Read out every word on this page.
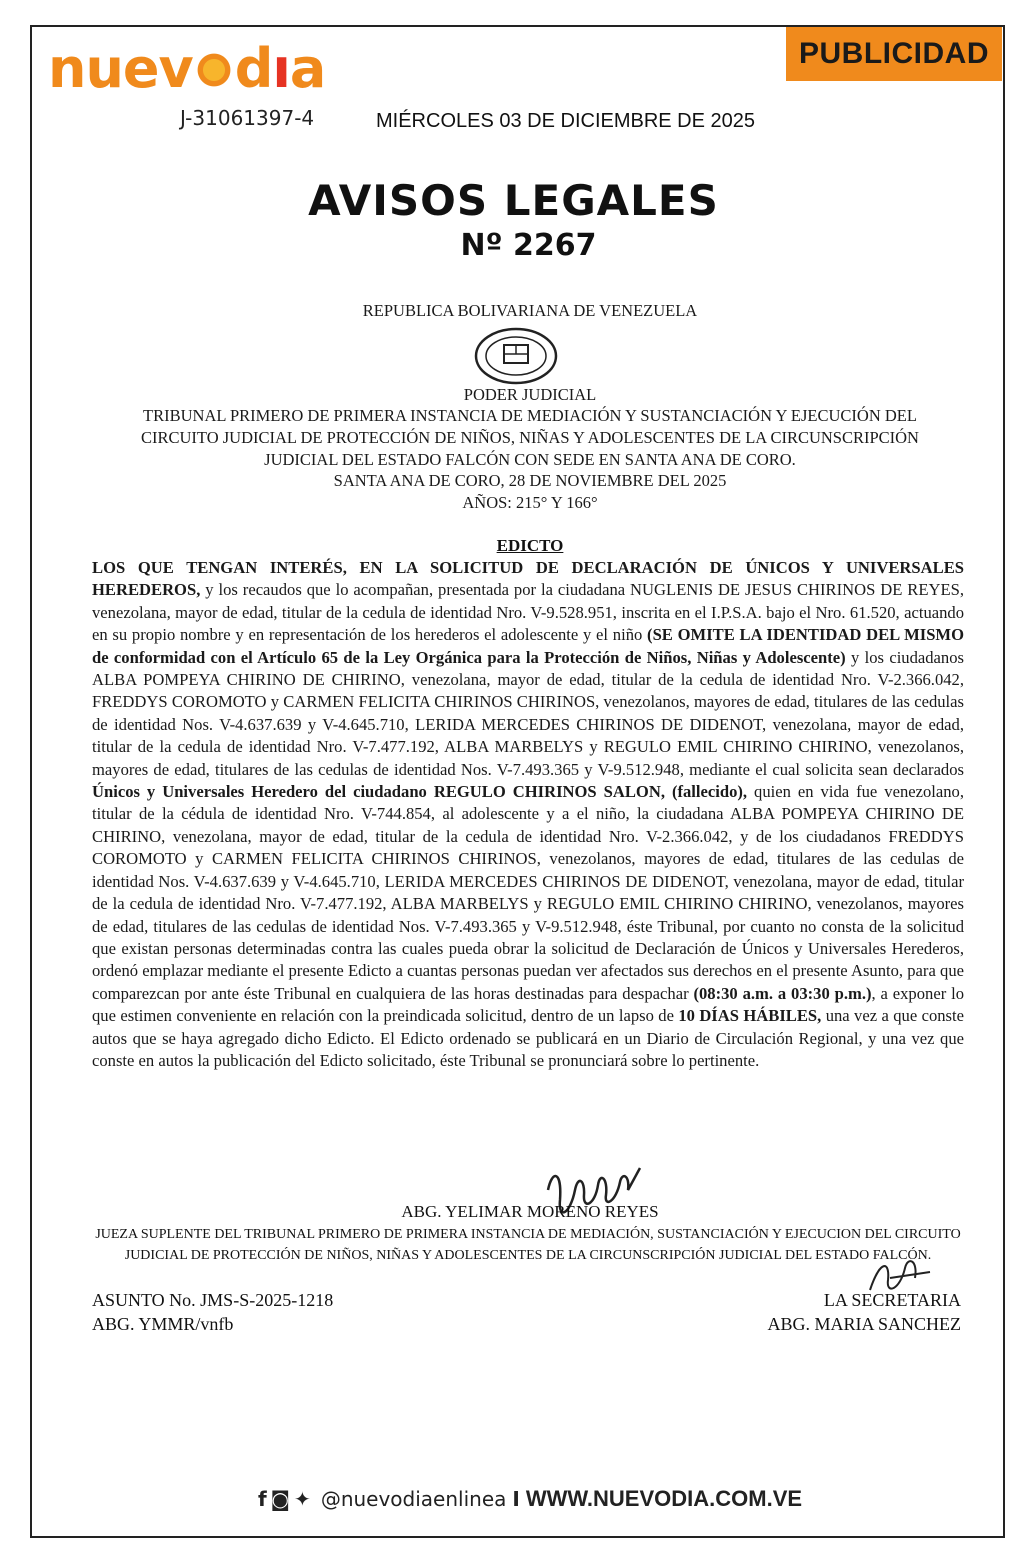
nuev dıa
J-31061397-4	MIÉRCOLES 03 DE DICIEMBRE DE 2025
PUBLICIDAD
AVISOS LEGALES
Nº 2267
REPUBLICA BOLIVARIANA DE VENEZUELA
PODER JUDICIAL
TRIBUNAL PRIMERO DE PRIMERA INSTANCIA DE MEDIACIÓN Y SUSTANCIACIÓN Y EJECUCIÓN DEL
CIRCUITO JUDICIAL DE PROTECCIÓN DE NIÑOS, NIÑAS Y ADOLESCENTES DE LA CIRCUNSCRIPCIÓN
JUDICIAL DEL ESTADO FALCÓN CON SEDE EN SANTA ANA DE CORO.
SANTA ANA DE CORO, 28 DE NOVIEMBRE DEL 2025
AÑOS: 215° Y 166°
EDICTO

LOS QUE TENGAN INTERÉS, EN LA SOLICITUD DE DECLARACIÓN DE ÚNICOS Y UNIVERSALES HEREDEROS, y los recaudos que lo acompañan, presentada por la ciudadana NUGLENIS DE JESUS CHIRINOS DE REYES, venezolana, mayor de edad, titular de la cedula de identidad Nro. V-9.528.951, inscrita en el I.P.S.A. bajo el Nro. 61.520, actuando en su propio nombre y en representación de los herederos el adolescente y el niño (SE OMITE LA IDENTIDAD DEL MISMO de conformidad con el Artículo 65 de la Ley Orgánica para la Protección de Niños, Niñas y Adolescente) y los ciudadanos ALBA POMPEYA CHIRINO DE CHIRINO, venezolana, mayor de edad, titular de la cedula de identidad Nro. V-2.366.042, FREDDYS COROMOTO y CARMEN FELICITA CHIRINOS CHIRINOS, venezolanos, mayores de edad, titulares de las cedulas de identidad Nos. V-4.637.639 y V-4.645.710, LERIDA MERCEDES CHIRINOS DE DIDENOT, venezolana, mayor de edad, titular de la cedula de identidad Nro. V-7.477.192, ALBA MARBELYS y REGULO EMIL CHIRINO CHIRINO, venezolanos, mayores de edad, titulares de las cedulas de identidad Nos. V-7.493.365 y V-9.512.948, mediante el cual solicita sean declarados Únicos y Universales Heredero del ciudadano REGULO CHIRINOS SALON, (fallecido), quien en vida fue venezolano, titular de la cédula de identidad Nro. V-744.854, al adolescente y a el niño, la ciudadana ALBA POMPEYA CHIRINO DE CHIRINO, venezolana, mayor de edad, titular de la cedula de identidad Nro. V-2.366.042, y de los ciudadanos FREDDYS COROMOTO y CARMEN FELICITA CHIRINOS CHIRINOS, venezolanos, mayores de edad, titulares de las cedulas de identidad Nos. V-4.637.639 y V-4.645.710, LERIDA MERCEDES CHIRINOS DE DIDENOT, venezolana, mayor de edad, titular de la cedula de identidad Nro. V-7.477.192, ALBA MARBELYS y REGULO EMIL CHIRINO CHIRINO, venezolanos, mayores de edad, titulares de las cedulas de identidad Nos. V-7.493.365 y V-9.512.948, éste Tribunal, por cuanto no consta de la solicitud que existan personas determinadas contra las cuales pueda obrar la solicitud de Declaración de Únicos y Universales Herederos, ordenó emplazar mediante el presente Edicto a cuantas personas puedan ver afectados sus derechos en el presente Asunto, para que comparezcan por ante éste Tribunal en cualquiera de las horas destinadas para despachar (08:30 a.m. a 03:30 p.m.), a exponer lo que estimen conveniente en relación con la preindicada solicitud, dentro de un lapso de 10 DÍAS HÁBILES, una vez a que conste autos que se haya agregado dicho Edicto. El Edicto ordenado se publicará en un Diario de Circulación Regional, y una vez que conste en autos la publicación del Edicto solicitado, éste Tribunal se pronunciará sobre lo pertinente.

ABG. YELIMAR MORENO REYES
JUEZA SUPLENTE DEL TRIBUNAL PRIMERO DE PRIMERA INSTANCIA DE MEDIACIÓN, SUSTANCIACIÓN Y EJECUCION DEL CIRCUITO
JUDICIAL DE PROTECCIÓN DE NIÑOS, NIÑAS Y ADOLESCENTES DE LA CIRCUNSCRIPCIÓN JUDICIAL DEL ESTADO FALCÓN.
ASUNTO No. JMS-S-2025-1218
ABG. YMMR/vnfb
LA SECRETARIA
ABG. MARIA SANCHEZ
f◙✦ @nuevodiaenlinea I WWW.NUEVODIA.COM.VE
